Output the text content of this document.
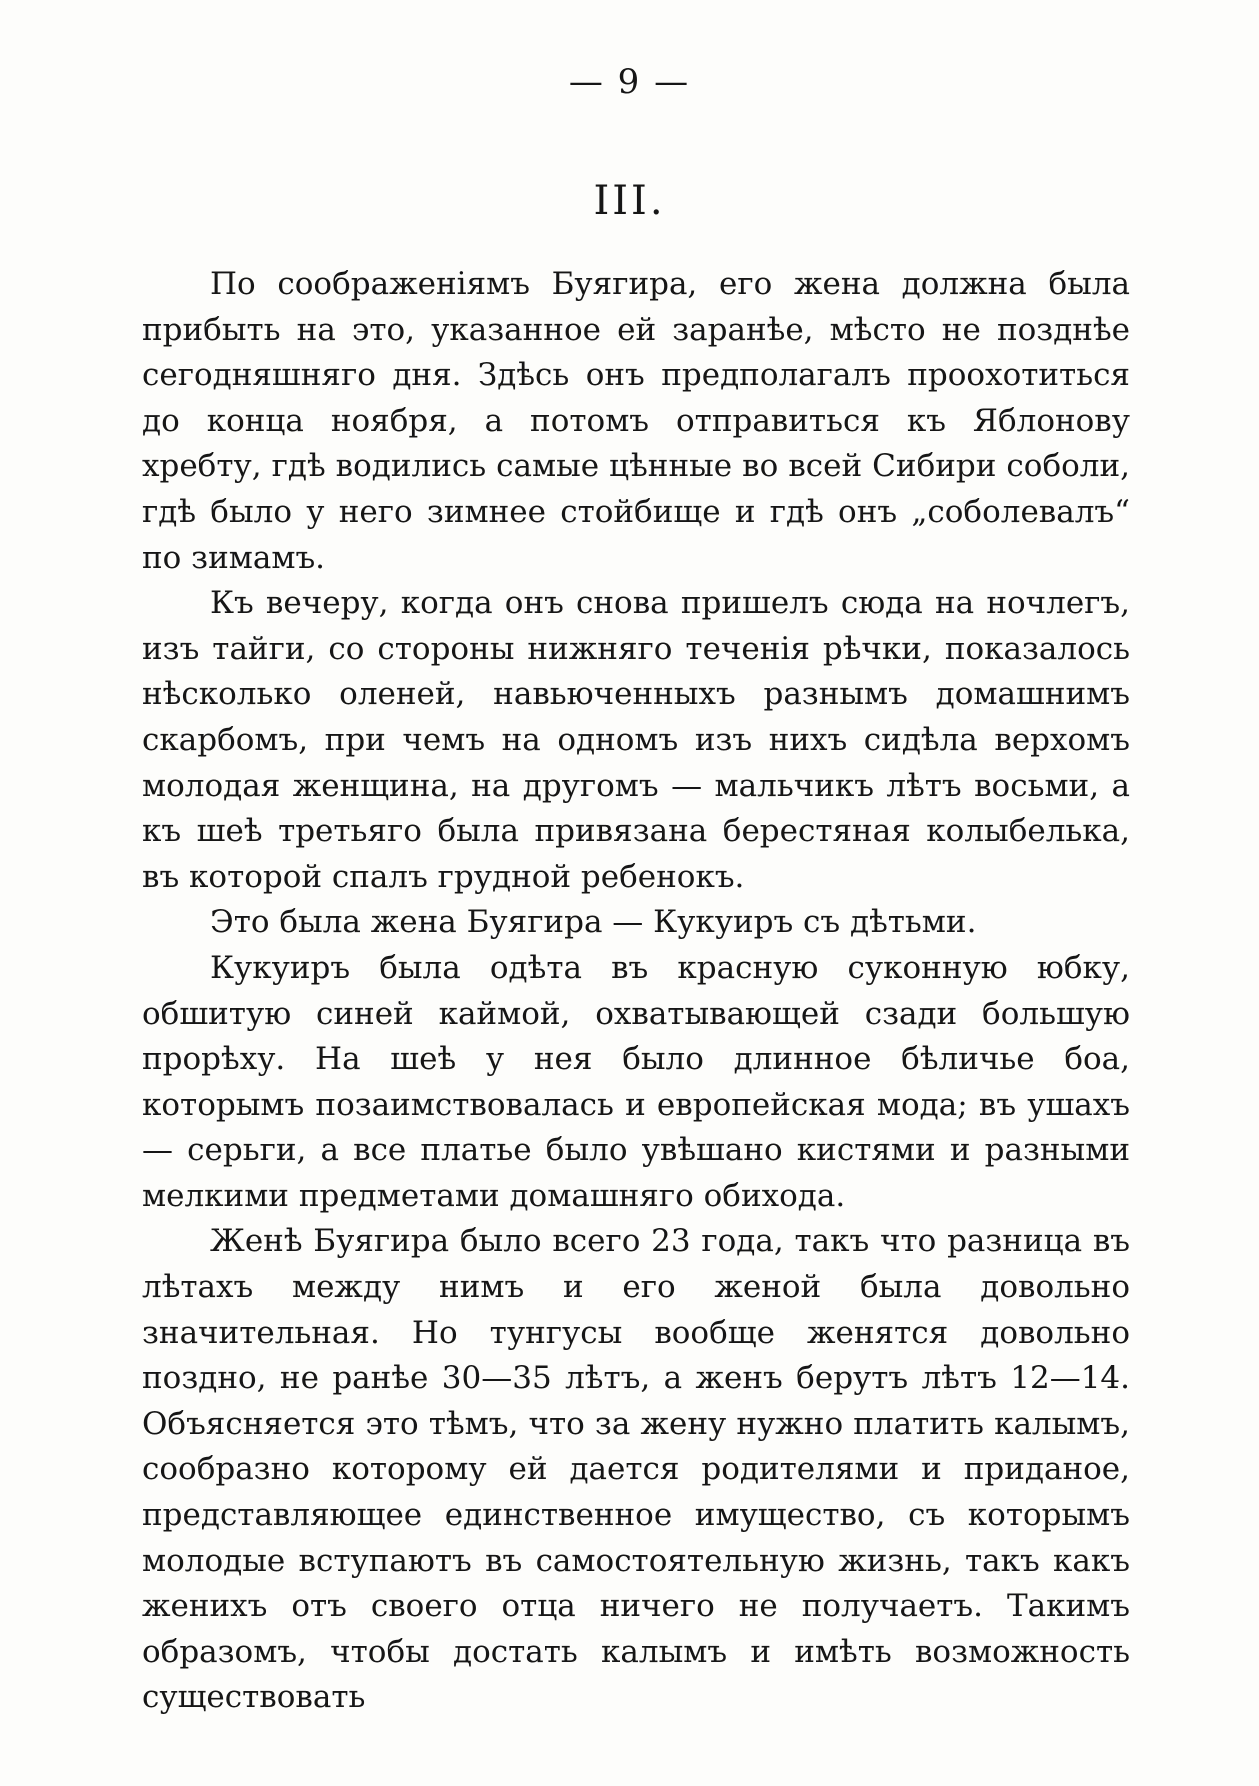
— 9 —
III.

По соображеніямъ Буягира, его жена должна была прибыть на это, указанное ей заранѣе, мѣсто не позднѣе сегодняшняго дня. Здѣсь онъ предполагалъ проохотиться до конца ноября, а потомъ отправиться къ Яблонову хребту, гдѣ водились самые цѣнные во всей Сибири соболи, гдѣ было у него зимнее стойбище и гдѣ онъ „соболевалъ“ по зимамъ.

Къ вечеру, когда онъ снова пришелъ сюда на ночлегъ, изъ тайги, со стороны нижняго теченія рѣчки, показалось нѣсколько оленей, навьюченныхъ разнымъ домашнимъ скарбомъ, при чемъ на одномъ изъ нихъ сидѣла верхомъ молодая женщина, на другомъ — мальчикъ лѣтъ восьми, а къ шеѣ третьяго была привязана берестяная колыбелька, въ которой спалъ грудной ребенокъ.

Это была жена Буягира — Кукуиръ съ дѣтьми.

Кукуиръ была одѣта въ красную суконную юбку, обшитую синей каймой, охватывающей сзади большую прорѣху. На шеѣ у нея было длинное бѣличье боа, которымъ позаимствовалась и европейская мода; въ ушахъ — серьги, а все платье было увѣшано кистями и разными мелкими предметами домашняго обихода.

Женѣ Буягира было всего 23 года, такъ что разница въ лѣтахъ между нимъ и его женой была довольно значительная. Но тунгусы вообще женятся довольно поздно, не ранѣе 30—35 лѣтъ, а женъ берутъ лѣтъ 12—14. Объясняется это тѣмъ, что за жену нужно платить калымъ, сообразно которому ей дается родителями и приданое, представляющее единственное имущество, съ которымъ молодые вступаютъ въ самостоятельную жизнь, такъ какъ женихъ отъ своего отца ничего не получаетъ. Такимъ образомъ, чтобы достать калымъ и имѣть возможность существовать
